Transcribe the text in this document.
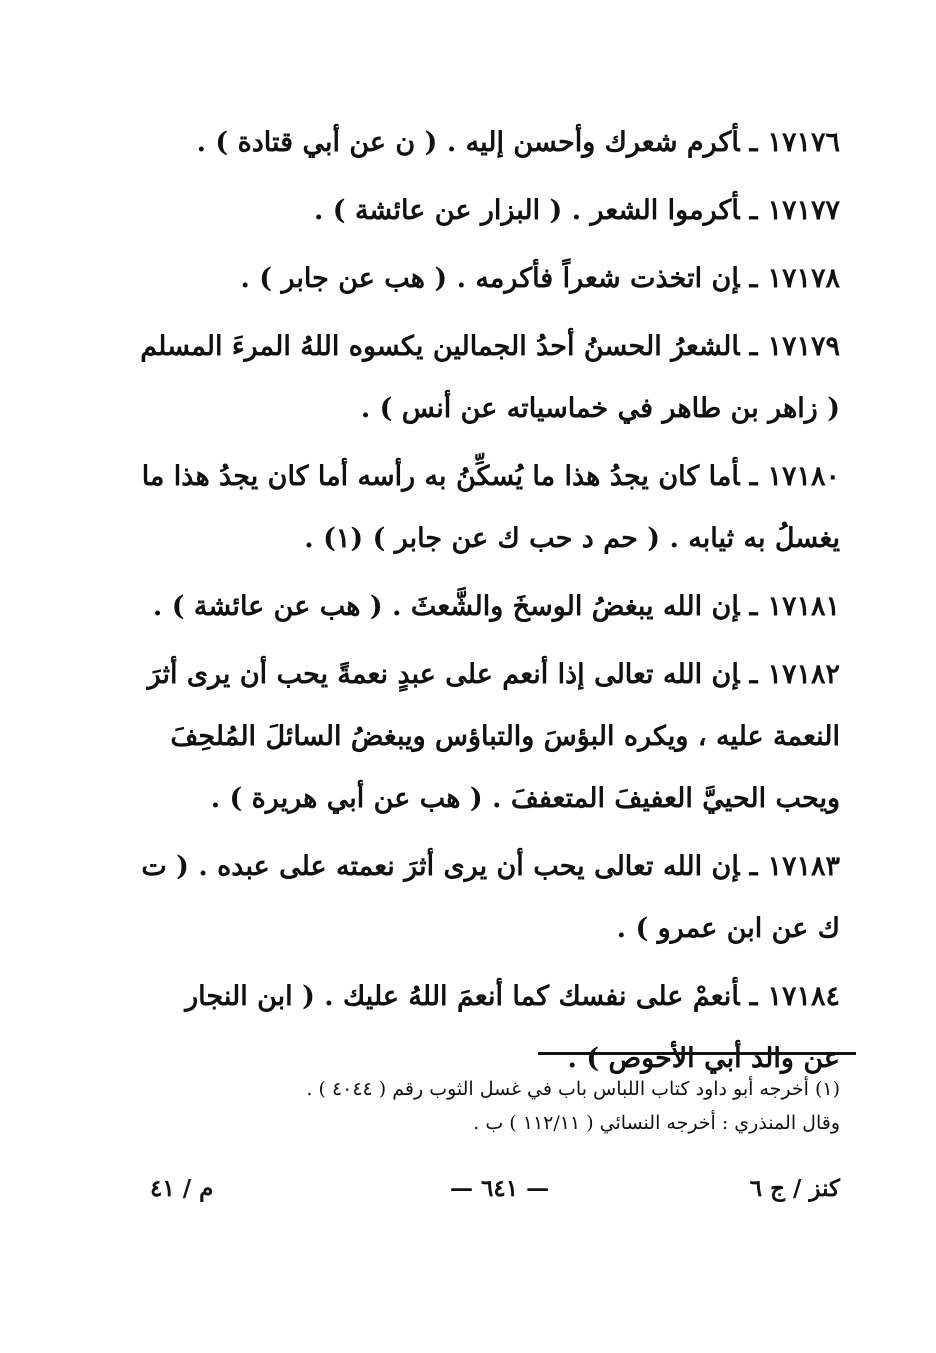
١٧١٧٦ـأكرم شعرك وأحسن إليه . ( ن عن أبي قتادة ) .
١٧١٧٧ـأكرموا الشعر . ( البزار عن عائشة ) .
١٧١٧٨ـإن اتخذت شعراً فأكرمه . ( هب عن جابر ) .
١٧١٧٩ـالشعرُ الحسنُ أحدُ الجمالين يكسوه اللهُ المرءَ المسلم ( زاهر بن طاهر في خماسياته عن أنس ) .
١٧١٨٠ـأما كان يجدُ هذا ما يُسكِّنُ به رأسه أما كان يجدُ هذا ما يغسلُ به ثيابه . ( حم د حب ك عن جابر ) (١) .
١٧١٨١ـإن الله يبغضُ الوسخَ والشَّعثَ . ( هب عن عائشة ) .
١٧١٨٢ـإن الله تعالى إذا أنعم على عبدٍ نعمةً يحب أن يرى أثرَ النعمة عليه ، ويكره البؤسَ والتباؤس ويبغضُ السائلَ المُلحِفَ ويحب الحييَّ العفيفَ المتعففَ . ( هب عن أبي هريرة ) .
١٧١٨٣ـإن الله تعالى يحب أن يرى أثرَ نعمته على عبده . ( ت ك عن ابن عمرو ) .
١٧١٨٤ـأنعمْ على نفسك كما أنعمَ اللهُ عليك . ( ابن النجار عن والد أبي الأحوص ) .
(١) أخرجه أبو داود كتاب اللباس باب في غسل الثوب رقم ( ٤٠٤٤ ) .
وقال المنذري : أخرجه النسائي ( ١١٢/١١ ) ب .
كنز / ج ٦
— ٦٤١ —
م / ٤١
